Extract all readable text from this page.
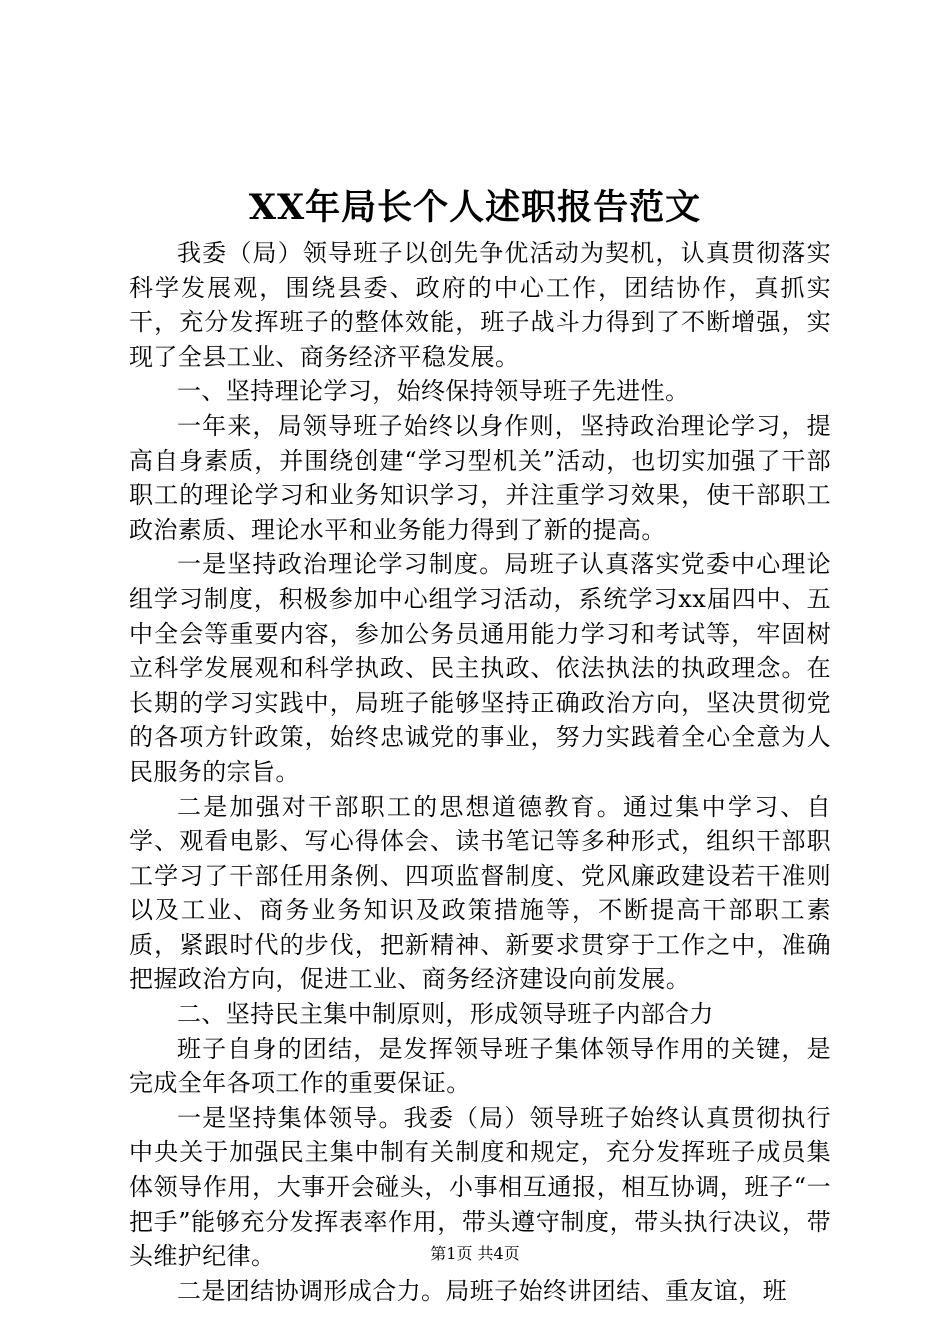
XX年局长个人述职报告范文

我委（局）领导班子以创先争优活动为契机，认真贯彻落实科学发展观，围绕县委、政府的中心工作，团结协作，真抓实干，充分发挥班子的整体效能，班子战斗力得到了不断增强，实现了全县工业、商务经济平稳发展。

一、坚持理论学习，始终保持领导班子先进性。

一年来，局领导班子始终以身作则，坚持政治理论学习，提高自身素质，并围绕创建“学习型机关”活动，也切实加强了干部职工的理论学习和业务知识学习，并注重学习效果，使干部职工政治素质、理论水平和业务能力得到了新的提高。

一是坚持政治理论学习制度。局班子认真落实党委中心理论组学习制度，积极参加中心组学习活动，系统学习xx届四中、五中全会等重要内容，参加公务员通用能力学习和考试等，牢固树立科学发展观和科学执政、民主执政、依法执法的执政理念。在长期的学习实践中，局班子能够坚持正确政治方向，坚决贯彻党的各项方针政策，始终忠诚党的事业，努力实践着全心全意为人民服务的宗旨。

二是加强对干部职工的思想道德教育。通过集中学习、自学、观看电影、写心得体会、读书笔记等多种形式，组织干部职工学习了干部任用条例、四项监督制度、党风廉政建设若干准则以及工业、商务业务知识及政策措施等，不断提高干部职工素质，紧跟时代的步伐，把新精神、新要求贯穿于工作之中，准确把握政治方向，促进工业、商务经济建设向前发展。

二、坚持民主集中制原则，形成领导班子内部合力

班子自身的团结，是发挥领导班子集体领导作用的关键，是完成全年各项工作的重要保证。

一是坚持集体领导。我委（局）领导班子始终认真贯彻执行中央关于加强民主集中制有关制度和规定，充分发挥班子成员集体领导作用，大事开会碰头，小事相互通报，相互协调，班子“一把手”能够充分发挥表率作用，带头遵守制度，带头执行决议，带头维护纪律。

二是团结协调形成合力。局班子始终讲团结、重友谊，班

第1页 共4页
